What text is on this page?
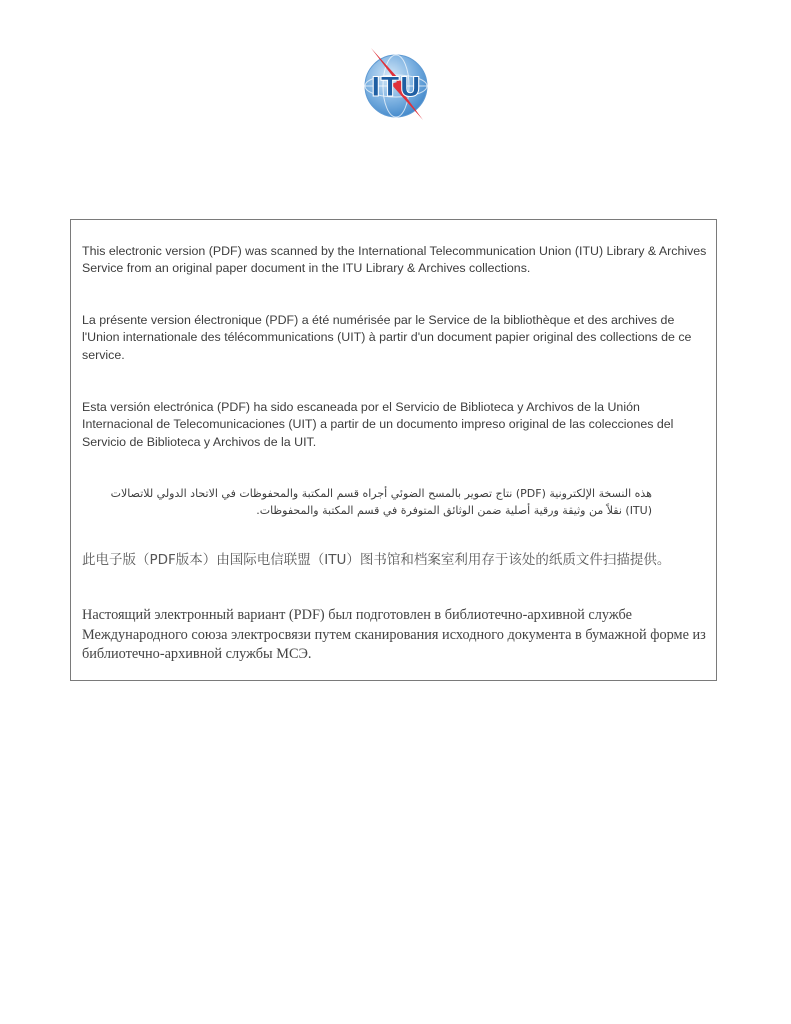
ITU

This electronic version (PDF) was scanned by the International Telecommunication Union (ITU) Library & Archives Service from an original paper document in the ITU Library & Archives collections.

La présente version électronique (PDF) a été numérisée par le Service de la bibliothèque et des archives de l'Union internationale des télécommunications (UIT) à partir d'un document papier original des collections de ce service.

Esta versión electrónica (PDF) ha sido escaneada por el Servicio de Biblioteca y Archivos de la Unión Internacional de Telecomunicaciones (UIT) a partir de un documento impreso original de las colecciones del Servicio de Biblioteca y Archivos de la UIT.

هذه النسخة الإلكترونية (PDF) نتاج تصوير بالمسح الضوئي أجراه قسم المكتبة والمحفوظات في الاتحاد الدولي للاتصالات (ITU) نقلاً من وثيقة ورقية أصلية ضمن الوثائق المتوفرة في قسم المكتبة والمحفوظات.

此电子版（PDF版本）由国际电信联盟（ITU）图书馆和档案室利用存于该处的纸质文件扫描提供。

Настоящий электронный вариант (PDF) был подготовлен в библиотечно-архивной службе Международного союза электросвязи путем сканирования исходного документа в бумажной форме из библиотечно-архивной службы МСЭ.
